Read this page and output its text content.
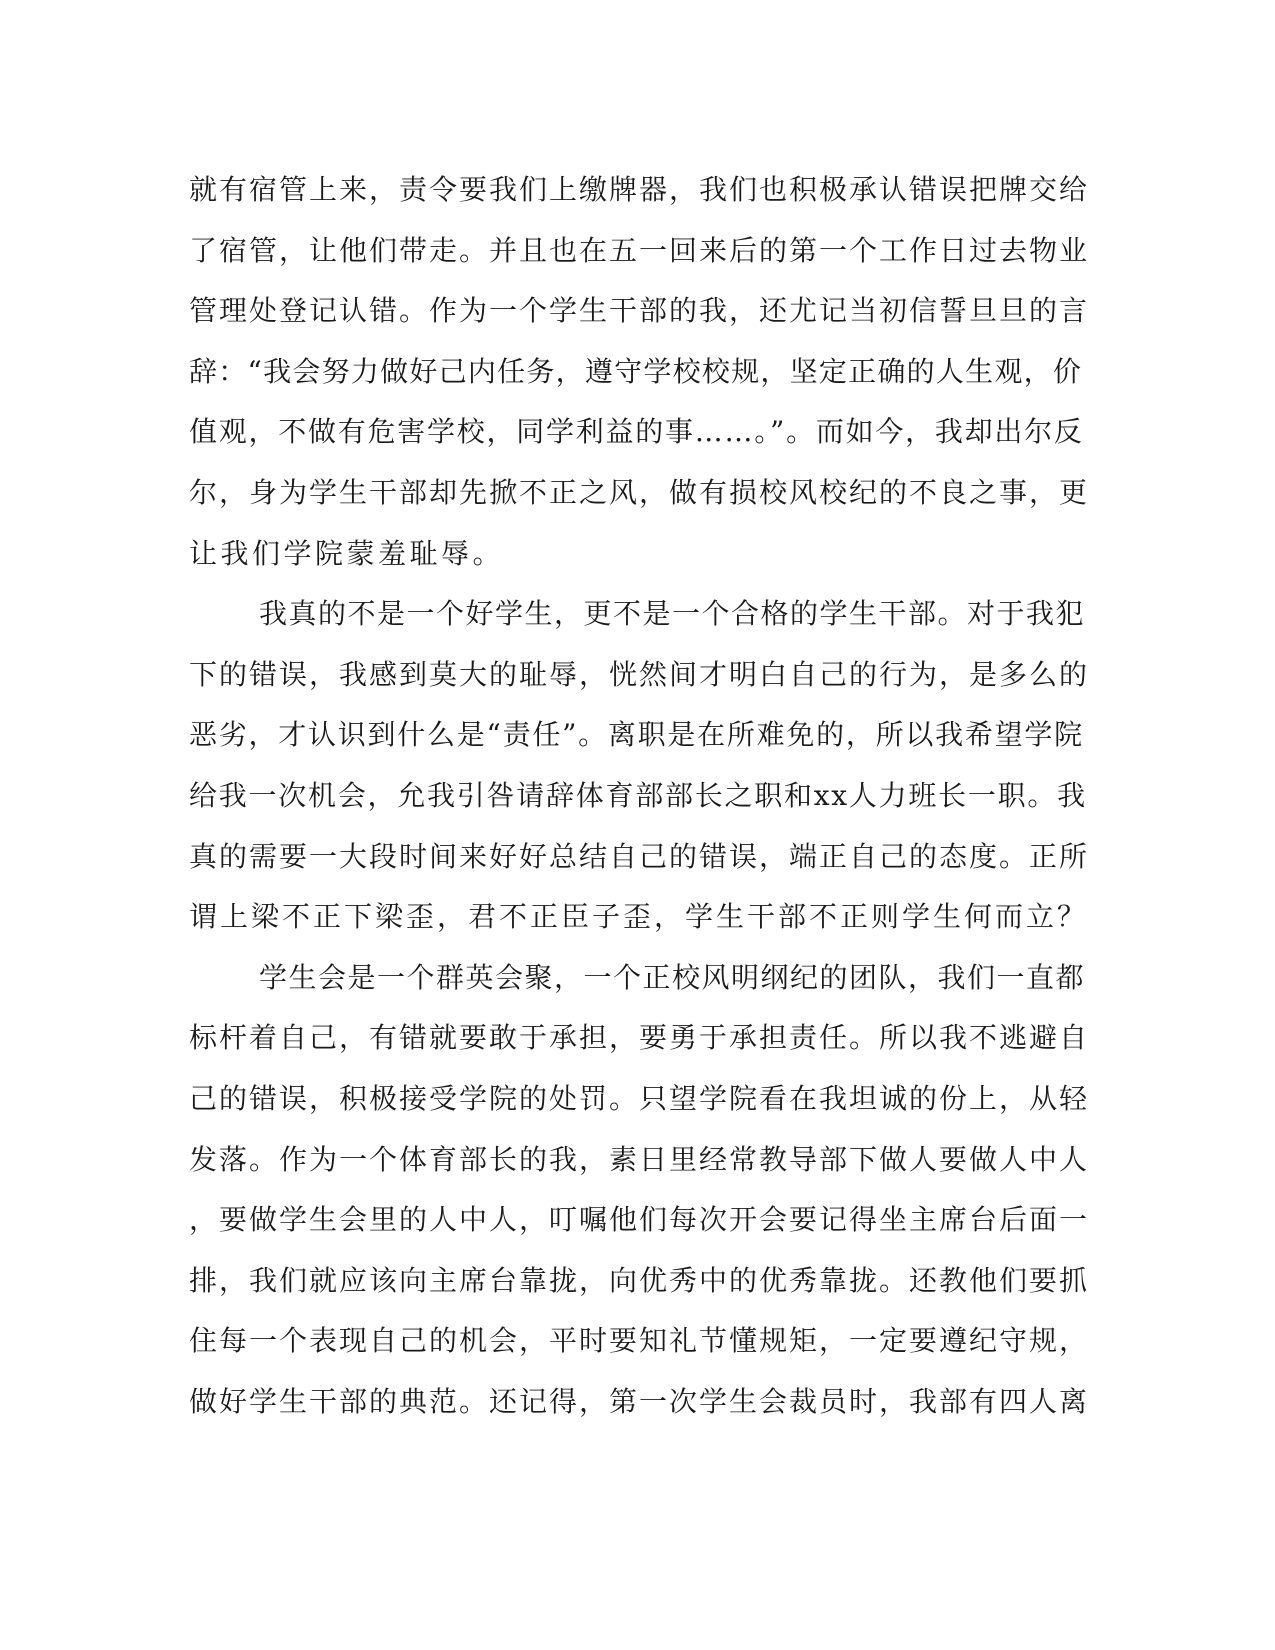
就有宿管上来，责令要我们上缴牌器，我们也积极承认错误把牌交给
了宿管，让他们带走。并且也在五一回来后的第一个工作日过去物业
管理处登记认错。作为一个学生干部的我，还尤记当初信誓旦旦的言
辞：“我会努力做好己内任务，遵守学校校规，坚定正确的人生观，价
值观，不做有危害学校，同学利益的事……。”。而如今，我却出尔反
尔，身为学生干部却先掀不正之风，做有损校风校纪的不良之事，更
让我们学院蒙羞耻辱。
我真的不是一个好学生，更不是一个合格的学生干部。对于我犯
下的错误，我感到莫大的耻辱，恍然间才明白自己的行为，是多么的
恶劣，才认识到什么是“责任”。离职是在所难免的，所以我希望学院
给我一次机会，允我引咎请辞体育部部长之职和xx人力班长一职。我
真的需要一大段时间来好好总结自己的错误，端正自己的态度。正所
谓上梁不正下梁歪，君不正臣子歪，学生干部不正则学生何而立？
学生会是一个群英会聚，一个正校风明纲纪的团队，我们一直都
标杆着自己，有错就要敢于承担，要勇于承担责任。所以我不逃避自
己的错误，积极接受学院的处罚。只望学院看在我坦诚的份上，从轻
发落。作为一个体育部长的我，素日里经常教导部下做人要做人中人
，要做学生会里的人中人，叮嘱他们每次开会要记得坐主席台后面一
排，我们就应该向主席台靠拢，向优秀中的优秀靠拢。还教他们要抓
住每一个表现自己的机会，平时要知礼节懂规矩，一定要遵纪守规，
做好学生干部的典范。还记得，第一次学生会裁员时，我部有四人离
